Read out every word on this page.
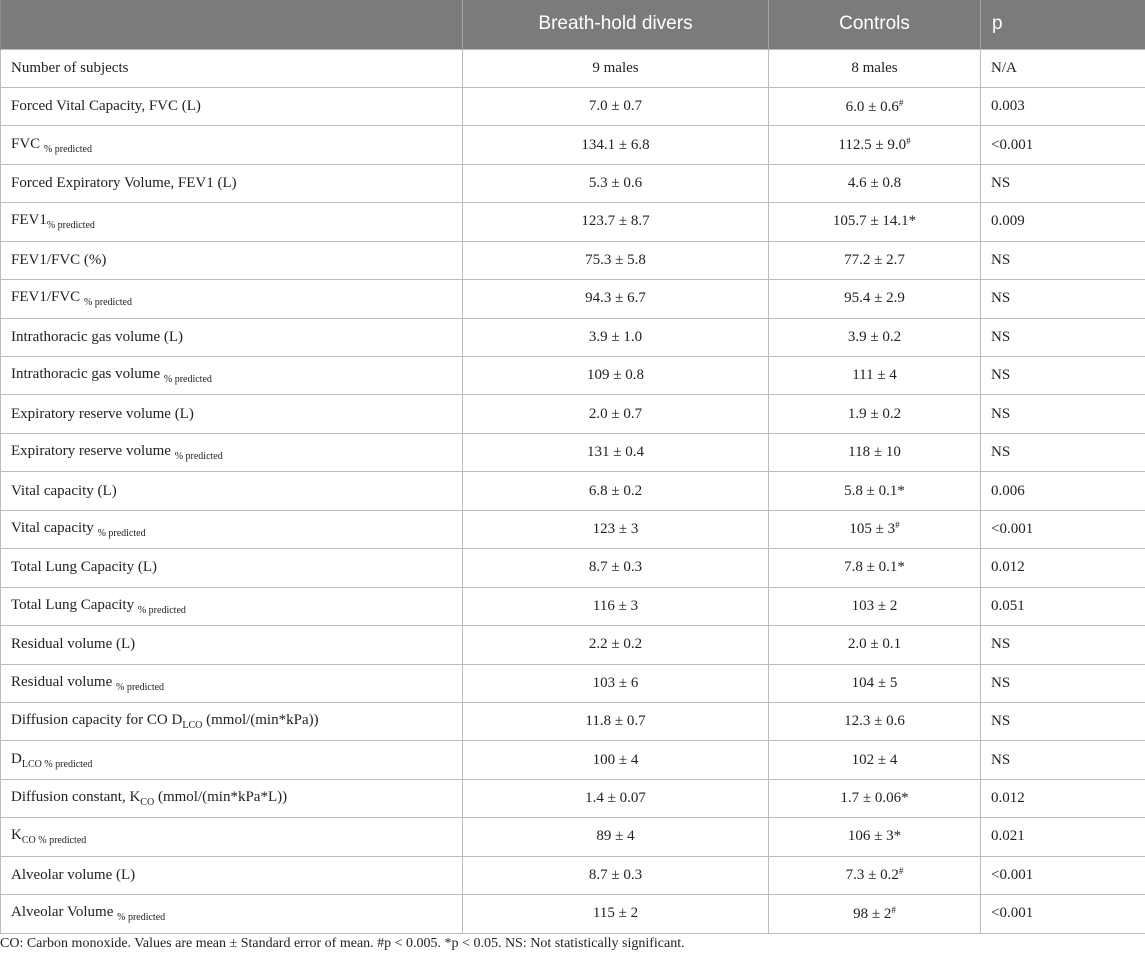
	Breath-hold divers	Controls	p
Number of subjects	9 males	8 males	N/A
Forced Vital Capacity, FVC (L)	7.0 ± 0.7	6.0 ± 0.6#	0.003
FVC $_{\% predicted}$	134.1 ± 6.8	112.5 ± 9.0#	<0.001
Forced Expiratory Volume, FEV1 (L)	5.3 ± 0.6	4.6 ± 0.8	NS
$FEV1_{\% predicted}$	123.7 ± 8.7	105.7 ± 14.1*	0.009
FEV1/FVC (%)	75.3 ± 5.8	77.2 ± 2.7	NS
FEV1/FVC $_{\% predicted}$	94.3 ± 6.7	95.4 ± 2.9	NS
Intrathoracic gas volume (L)	3.9 ± 1.0	3.9 ± 0.2	NS
Intrathoracic gas volume $_{\% predicted}$	109 ± 0.8	111 ± 4	NS
Expiratory reserve volume (L)	2.0 ± 0.7	1.9 ± 0.2	NS
Expiratory reserve volume $_{\% predicted}$	131 ± 0.4	118 ± 10	NS
Vital capacity (L)	6.8 ± 0.2	5.8 ± 0.1*	0.006
Vital capacity $_{\% predicted}$	123 ± 3	105 ± 3#	<0.001
Total Lung Capacity (L)	8.7 ± 0.3	7.8 ± 0.1*	0.012
Total Lung Capacity $_{\% predicted}$	116 ± 3	103 ± 2	0.051
Residual volume (L)	2.2 ± 0.2	2.0 ± 0.1	NS
Residual volume $_{\% predicted}$	103 ± 6	104 ± 5	NS
Diffusion capacity for CO $D_{LCO}$ (mmol/(min*kPa))	11.8 ± 0.7	12.3 ± 0.6	NS
$D_{LCO \% predicted}$	100 ± 4	102 ± 4	NS
Diffusion constant, $K_{CO}$ (mmol/(min*kPa*L))	1.4 ± 0.07	1.7 ± 0.06*	0.012
$K_{CO \% predicted}$	89 ± 4	106 ± 3*	0.021
Alveolar volume (L)	8.7 ± 0.3	7.3 ± 0.2#	<0.001
Alveolar Volume $_{\% predicted}$	115 ± 2	98 ± 2#	<0.001
CO: Carbon monoxide. Values are mean ± Standard error of mean. #p < 0.005. *p < 0.05. NS: Not statistically significant.
